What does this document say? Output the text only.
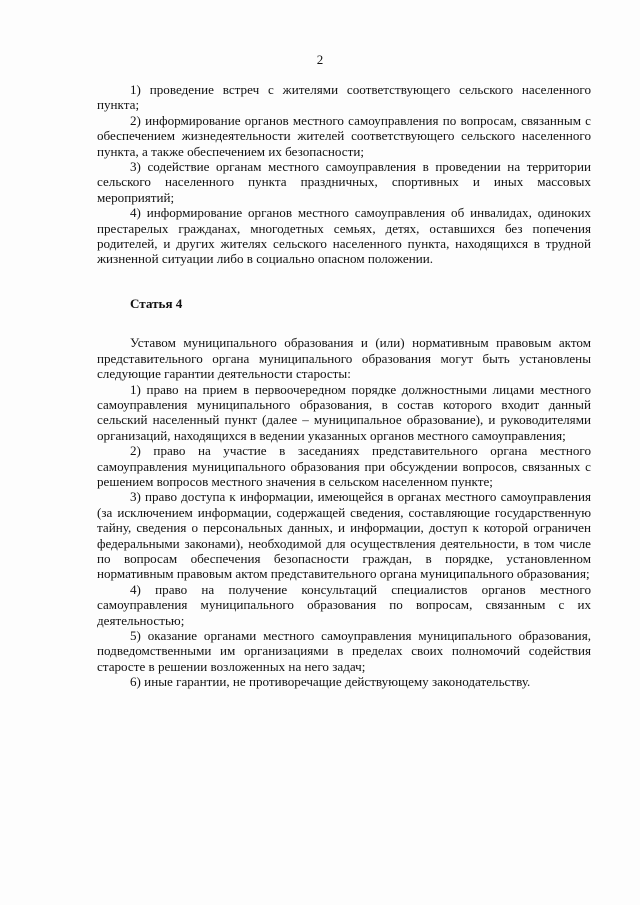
2

1) проведение встреч с жителями соответствующего сельского населенного пункта;

2) информирование органов местного самоуправления по вопросам, связанным с обеспечением жизнедеятельности жителей соответствующего сельского населенного пункта, а также обеспечением их безопасности;

3) содействие органам местного самоуправления в проведении на территории сельского населенного пункта праздничных, спортивных и иных массовых мероприятий;

4) информирование органов местного самоуправления об инвалидах, одиноких престарелых гражданах, многодетных семьях, детях, оставшихся без попечения родителей, и других жителях сельского населенного пункта, находящихся в трудной жизненной ситуации либо в социально опасном положении.

Статья 4

Уставом муниципального образования и (или) нормативным правовым актом представительного органа муниципального образования могут быть установлены следующие гарантии деятельности старосты:

1) право на прием в первоочередном порядке должностными лицами местного самоуправления муниципального образования, в состав которого входит данный сельский населенный пункт (далее – муниципальное образование), и руководителями организаций, находящихся в ведении указанных органов местного самоуправления;

2) право на участие в заседаниях представительного органа местного самоуправления муниципального образования при обсуждении вопросов, связанных с решением вопросов местного значения в сельском населенном пункте;

3) право доступа к информации, имеющейся в органах местного самоуправления (за исключением информации, содержащей сведения, составляющие государственную тайну, сведения о персональных данных, и информации, доступ к которой ограничен федеральными законами), необходимой для осуществления деятельности, в том числе по вопросам обеспечения безопасности граждан, в порядке, установленном нормативным правовым актом представительного органа муниципального образования;

4) право на получение консультаций специалистов органов местного самоуправления муниципального образования по вопросам, связанным с их деятельностью;

5) оказание органами местного самоуправления муниципального образования, подведомственными им организациями в пределах своих полномочий содействия старосте в решении возложенных на него задач;

6) иные гарантии, не противоречащие действующему законодательству.
